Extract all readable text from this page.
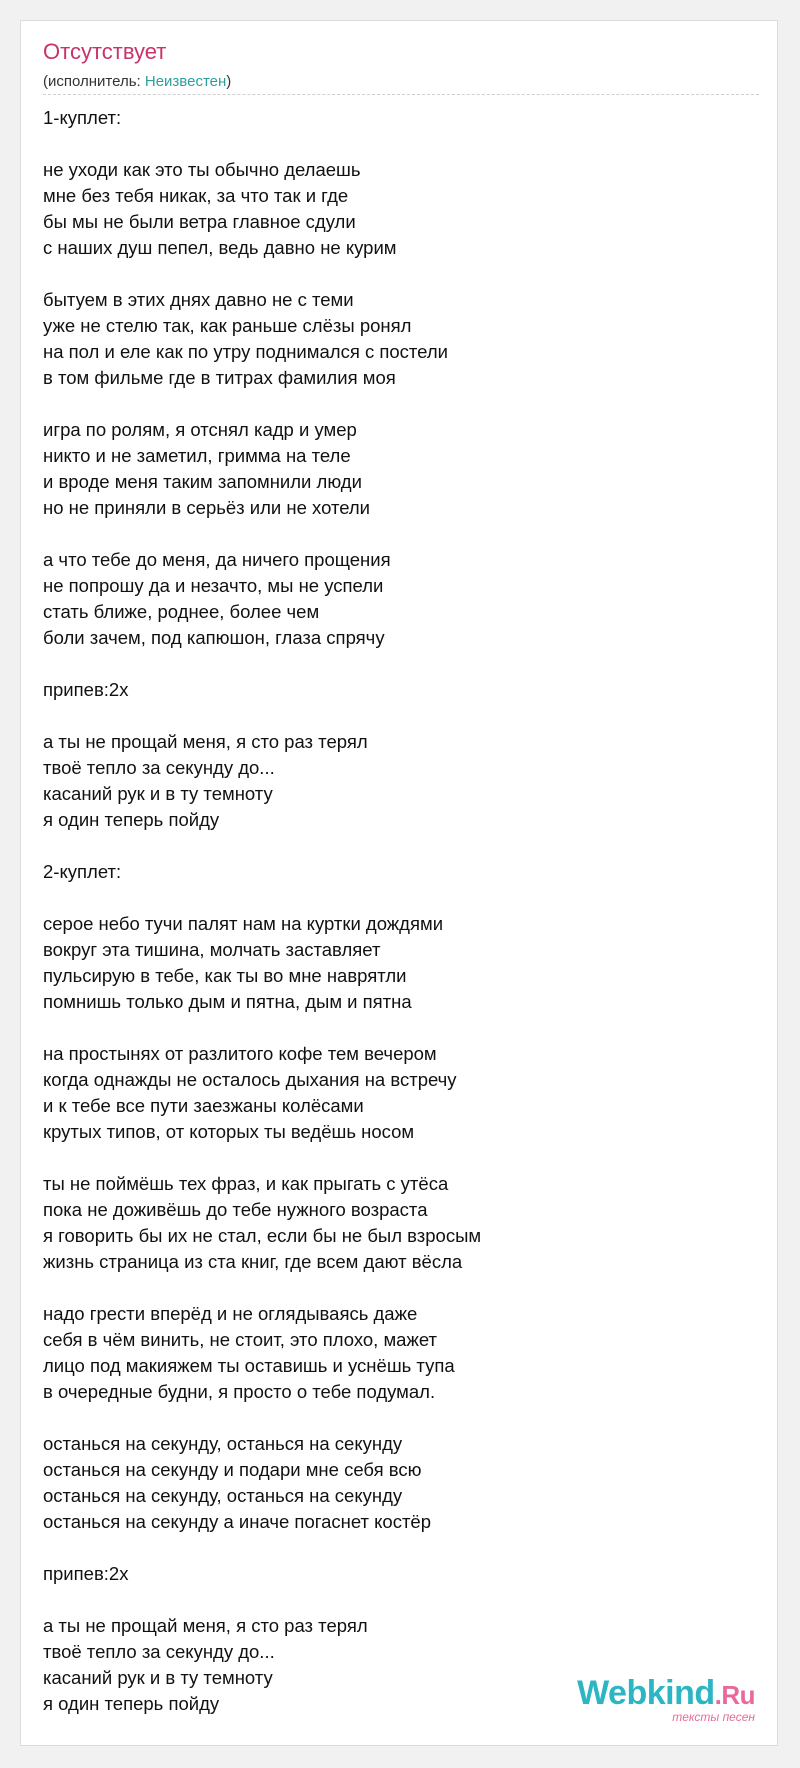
Отсутствует
(исполнитель: Неизвестен)
1-куплет:
не уходи как это ты обычно делаешь
мне без тебя никак, за что так и где
бы мы не были ветра главное сдули
с наших душ пепел, ведь давно не курим
бытуем в этих днях давно не с теми
уже не стелю так, как раньше слёзы ронял
на пол и еле как по утру поднимался с постели
в том фильме где в титрах фамилия моя
игра по ролям, я отснял кадр и умер
никто и не заметил, гримма на теле
и вроде меня таким запомнили люди
но не приняли в серьёз или не хотели
а что тебе до меня, да ничего прощения
не попрошу да и незачто, мы не успели
стать ближе, роднее, более чем
боли зачем, под капюшон, глаза спрячу
припев:2х
а ты не прощай меня, я сто раз терял
твоё тепло за секунду до...
касаний рук и в ту темноту
я один теперь пойду
2-куплет:
серое небо тучи палят нам на куртки дождями
вокруг эта тишина, молчать заставляет
пульсирую в тебе, как ты во мне наврятли
помнишь только дым и пятна, дым и пятна
на простынях от разлитого кофе тем вечером
когда однажды не осталось дыхания на встречу
и к тебе все пути заезжаны колёсами
крутых типов, от которых ты ведёшь носом
ты не поймёшь тех фраз, и как прыгать с утёса
пока не доживёшь до тебе нужного возраста
я говорить бы их не стал, если бы не был взросым
жизнь страница из ста книг, где всем дают вёсла
надо грести вперёд и не оглядываясь даже
себя в чём винить, не стоит, это плохо, мажет
лицо под макияжем ты оставишь и уснёшь тупа
в очередные будни, я просто о тебе подумал.
останься на секунду, останься на секунду
останься на секунду и подари мне себя всю
останься на секунду, останься на секунду
останься на секунду а иначе погаснет костёр
припев:2х
а ты не прощай меня, я сто раз терял
твоё тепло за секунду до...
касаний рук и в ту темноту
я один теперь пойду	Webkind.Ru
тексты песен
